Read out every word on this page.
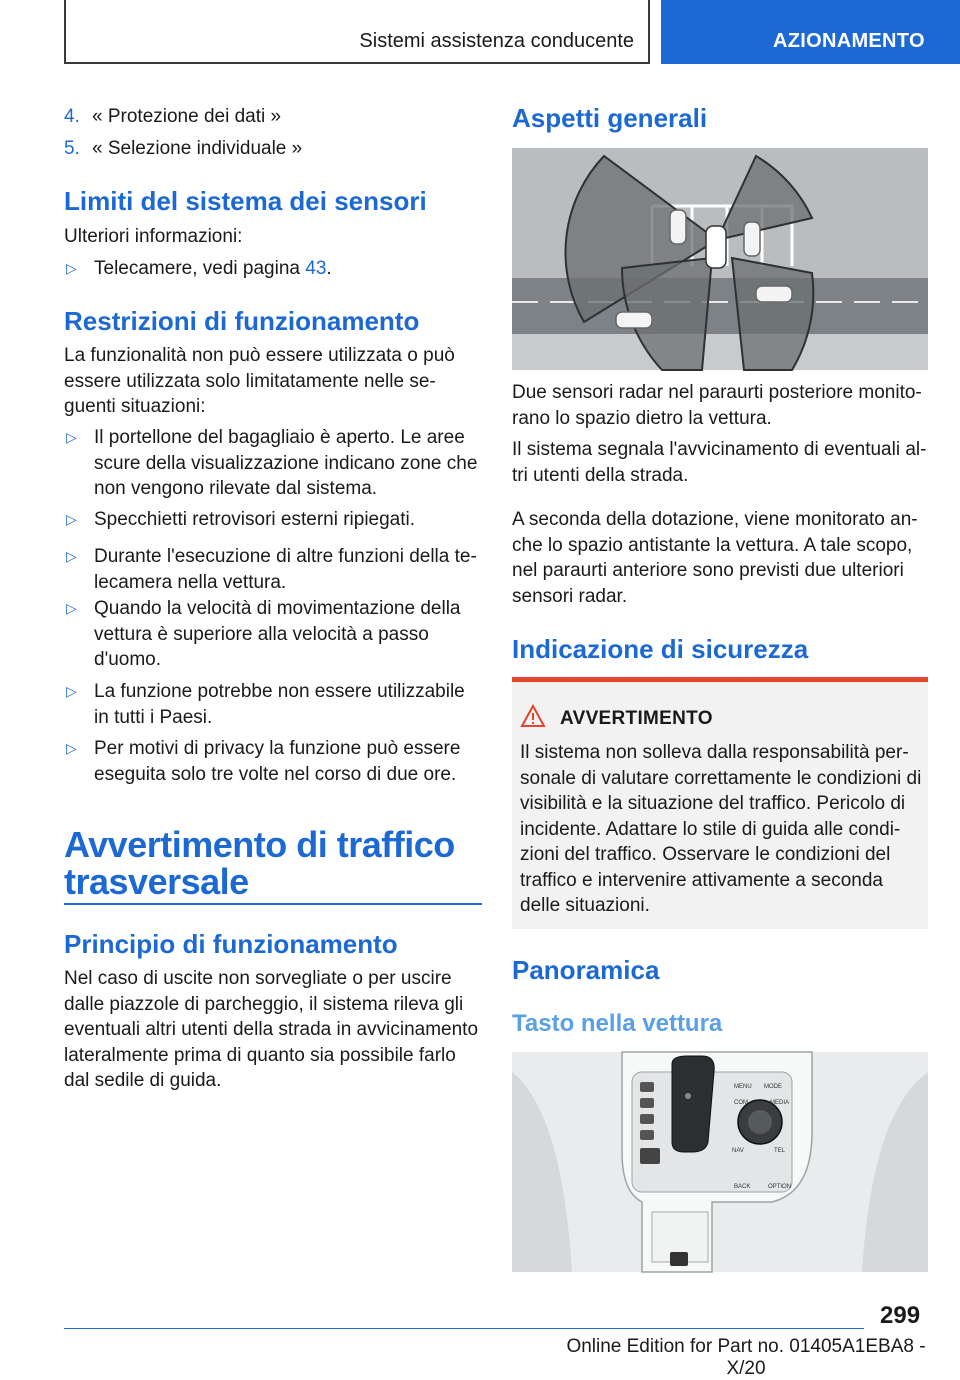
Sistemi assistenza conducente	AZIONAMENTO
4. « Protezione dei dati »
5. « Selezione individuale »
Limiti del sistema dei sensori
Ulteriori informazioni:
▷ Telecamere, vedi pagina 43.
Restrizioni di funzionamento
La funzionalità non può essere utilizzata o può
essere utilizzata solo limitatamente nelle se-
guenti situazioni:
▷ Il portellone del bagagliaio è aperto. Le aree
scure della visualizzazione indicano zone che
non vengono rilevate dal sistema.
▷ Specchietti retrovisori esterni ripiegati.
▷ Durante l'esecuzione di altre funzioni della te-
lecamera nella vettura.
▷ Quando la velocità di movimentazione della
vettura è superiore alla velocità a passo
d'uomo.
▷ La funzione potrebbe non essere utilizzabile
in tutti i Paesi.
▷ Per motivi di privacy la funzione può essere
eseguita solo tre volte nel corso di due ore.
Avvertimento di traffico
trasversale
Principio di funzionamento
Nel caso di uscite non sorvegliate o per uscire
dalle piazzole di parcheggio, il sistema rileva gli
eventuali altri utenti della strada in avvicinamento
lateralmente prima di quanto sia possibile farlo
dal sedile di guida.
Aspetti generali
Due sensori radar nel paraurti posteriore monito-
rano lo spazio dietro la vettura.
Il sistema segnala l'avvicinamento di eventuali al-
tri utenti della strada.
A seconda della dotazione, viene monitorato an-
che lo spazio antistante la vettura. A tale scopo,
nel paraurti anteriore sono previsti due ulteriori
sensori radar.
Indicazione di sicurezza
AVVERTIMENTO
Il sistema non solleva dalla responsabilità per-
sonale di valutare correttamente le condizioni di
visibilità e la situazione del traffico. Pericolo di
incidente. Adattare lo stile di guida alle condi-
zioni del traffico. Osservare le condizioni del
traffico e intervenire attivamente a seconda
delle situazioni.
Panoramica
Tasto nella vettura
MENU MODE
COM	MEDIA
NAV	TEL
BACK	OPTION
299
Online Edition for Part no. 01405A1EBA8 - X/20
